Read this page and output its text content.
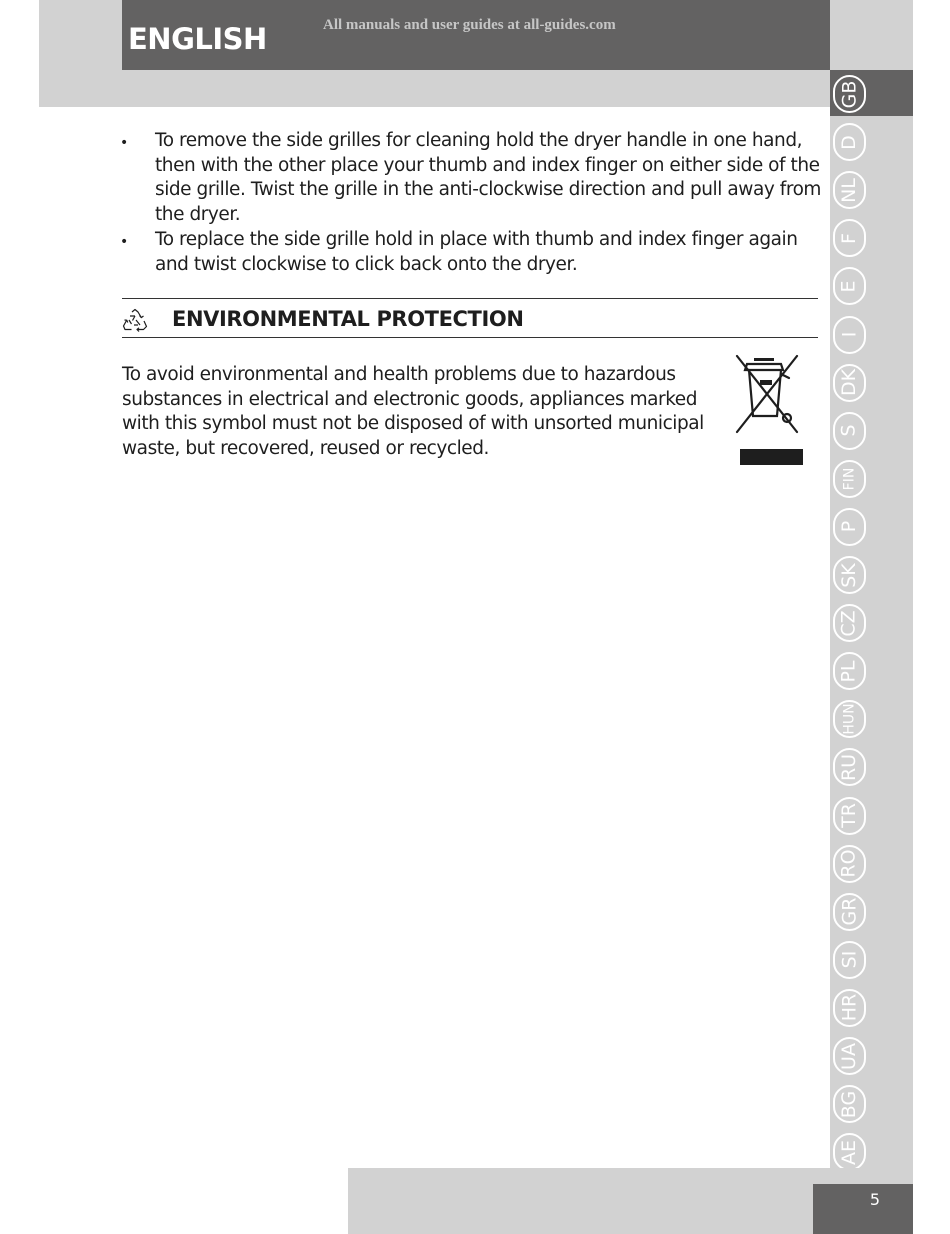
ENGLISH	All manuals and user guides at all-guides.com
GB
D
NL
F
E
I
DK
S
FIN
P
SK
CZ
PL
HUN
RU
TR
RO
GR
SI
HR
UA
BG
AE
• To remove the side grilles for cleaning hold the dryer handle in one hand, then with the other place your thumb and index finger on either side of the side grille. Twist the grille in the anti-clockwise direction and pull away from the dryer.
• To replace the side grille hold in place with thumb and index finger again and twist clockwise to click back onto the dryer.
ENVIRONMENTAL PROTECTION
To avoid environmental and health problems due to hazardous substances in electrical and electronic goods, appliances marked with this symbol must not be disposed of with unsorted municipal waste, but recovered, reused or recycled.
5
